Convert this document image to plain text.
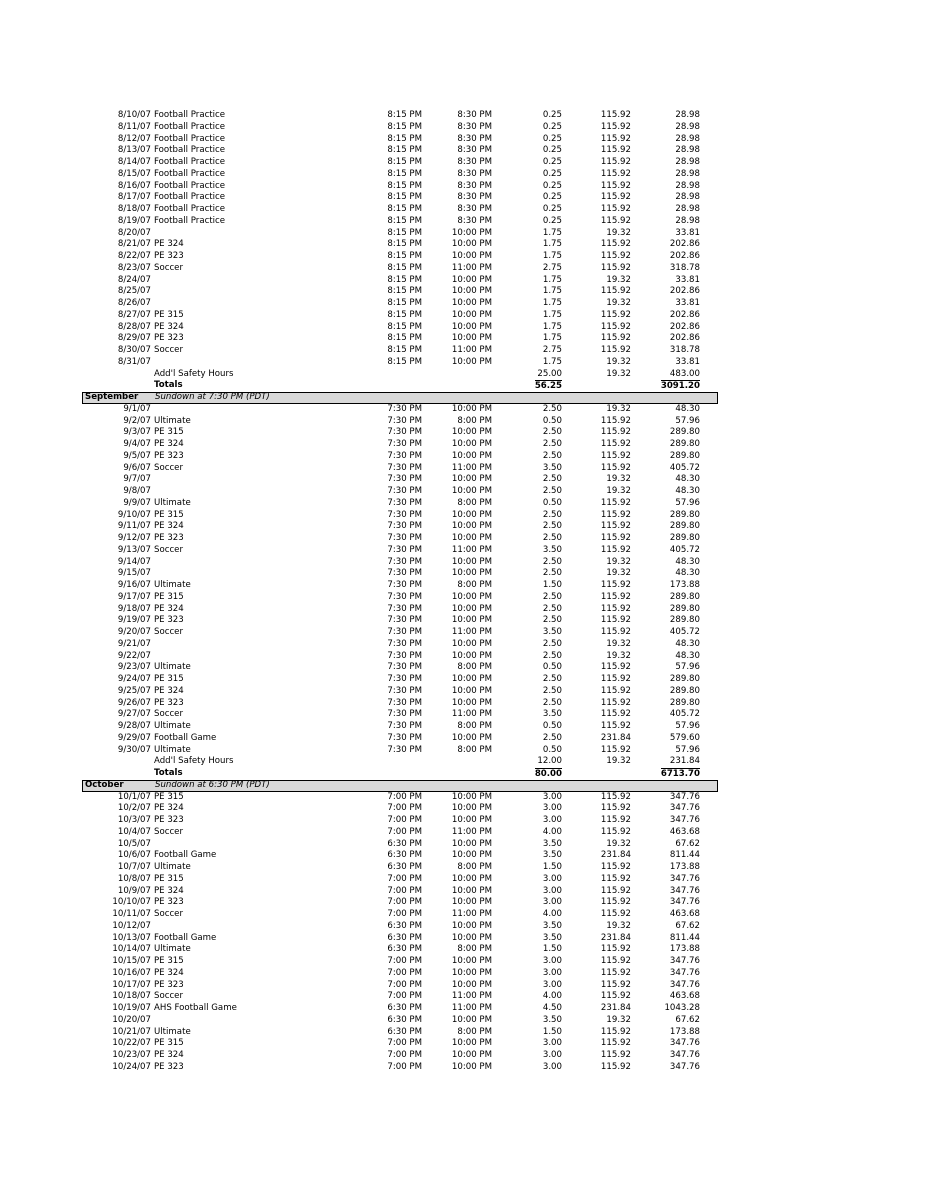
8/10/07 Football Practice	8:15 PM	8:30 PM	0.25	115.92	28.98
8/11/07 Football Practice	8:15 PM	8:30 PM	0.25	115.92	28.98
8/12/07 Football Practice	8:15 PM	8:30 PM	0.25	115.92	28.98
8/13/07 Football Practice	8:15 PM	8:30 PM	0.25	115.92	28.98
8/14/07 Football Practice	8:15 PM	8:30 PM	0.25	115.92	28.98
8/15/07 Football Practice	8:15 PM	8:30 PM	0.25	115.92	28.98
8/16/07 Football Practice	8:15 PM	8:30 PM	0.25	115.92	28.98
8/17/07 Football Practice	8:15 PM	8:30 PM	0.25	115.92	28.98
8/18/07 Football Practice	8:15 PM	8:30 PM	0.25	115.92	28.98
8/19/07 Football Practice	8:15 PM	8:30 PM	0.25	115.92	28.98
8/20/07	8:15 PM	10:00 PM	1.75	19.32	33.81
8/21/07 PE 324	8:15 PM	10:00 PM	1.75	115.92	202.86
8/22/07 PE 323	8:15 PM	10:00 PM	1.75	115.92	202.86
8/23/07 Soccer	8:15 PM	11:00 PM	2.75	115.92	318.78
8/24/07	8:15 PM	10:00 PM	1.75	19.32	33.81
8/25/07	8:15 PM	10:00 PM	1.75	115.92	202.86
8/26/07	8:15 PM	10:00 PM	1.75	19.32	33.81
8/27/07 PE 315	8:15 PM	10:00 PM	1.75	115.92	202.86
8/28/07 PE 324	8:15 PM	10:00 PM	1.75	115.92	202.86
8/29/07 PE 323	8:15 PM	10:00 PM	1.75	115.92	202.86
8/30/07 Soccer	8:15 PM	11:00 PM	2.75	115.92	318.78
8/31/07	8:15 PM	10:00 PM	1.75	19.32	33.81
Add'l Safety Hours	25.00	19.32	483.00
Totals	56.25	3091.20
September Sundown at 7:30 PM (PDT)
9/1/07	7:30 PM	10:00 PM	2.50	19.32	48.30
9/2/07 Ultimate	7:30 PM	8:00 PM	0.50	115.92	57.96
9/3/07 PE 315	7:30 PM	10:00 PM	2.50	115.92	289.80
9/4/07 PE 324	7:30 PM	10:00 PM	2.50	115.92	289.80
9/5/07 PE 323	7:30 PM	10:00 PM	2.50	115.92	289.80
9/6/07 Soccer	7:30 PM	11:00 PM	3.50	115.92	405.72
9/7/07	7:30 PM	10:00 PM	2.50	19.32	48.30
9/8/07	7:30 PM	10:00 PM	2.50	19.32	48.30
9/9/07 Ultimate	7:30 PM	8:00 PM	0.50	115.92	57.96
9/10/07 PE 315	7:30 PM	10:00 PM	2.50	115.92	289.80
9/11/07 PE 324	7:30 PM	10:00 PM	2.50	115.92	289.80
9/12/07 PE 323	7:30 PM	10:00 PM	2.50	115.92	289.80
9/13/07 Soccer	7:30 PM	11:00 PM	3.50	115.92	405.72
9/14/07	7:30 PM	10:00 PM	2.50	19.32	48.30
9/15/07	7:30 PM	10:00 PM	2.50	19.32	48.30
9/16/07 Ultimate	7:30 PM	8:00 PM	1.50	115.92	173.88
9/17/07 PE 315	7:30 PM	10:00 PM	2.50	115.92	289.80
9/18/07 PE 324	7:30 PM	10:00 PM	2.50	115.92	289.80
9/19/07 PE 323	7:30 PM	10:00 PM	2.50	115.92	289.80
9/20/07 Soccer	7:30 PM	11:00 PM	3.50	115.92	405.72
9/21/07	7:30 PM	10:00 PM	2.50	19.32	48.30
9/22/07	7:30 PM	10:00 PM	2.50	19.32	48.30
9/23/07 Ultimate	7:30 PM	8:00 PM	0.50	115.92	57.96
9/24/07 PE 315	7:30 PM	10:00 PM	2.50	115.92	289.80
9/25/07 PE 324	7:30 PM	10:00 PM	2.50	115.92	289.80
9/26/07 PE 323	7:30 PM	10:00 PM	2.50	115.92	289.80
9/27/07 Soccer	7:30 PM	11:00 PM	3.50	115.92	405.72
9/28/07 Ultimate	7:30 PM	8:00 PM	0.50	115.92	57.96
9/29/07 Football Game	7:30 PM	10:00 PM	2.50	231.84	579.60
9/30/07 Ultimate	7:30 PM	8:00 PM	0.50	115.92	57.96
Add'l Safety Hours	12.00	19.32	231.84
Totals	80.00	6713.70
October	Sundown at 6:30 PM (PDT)
10/1/07 PE 315	7:00 PM	10:00 PM	3.00	115.92	347.76
10/2/07 PE 324	7:00 PM	10:00 PM	3.00	115.92	347.76
10/3/07 PE 323	7:00 PM	10:00 PM	3.00	115.92	347.76
10/4/07 Soccer	7:00 PM	11:00 PM	4.00	115.92	463.68
10/5/07	6:30 PM	10:00 PM	3.50	19.32	67.62
10/6/07 Football Game	6:30 PM	10:00 PM	3.50	231.84	811.44
10/7/07 Ultimate	6:30 PM	8:00 PM	1.50	115.92	173.88
10/8/07 PE 315	7:00 PM	10:00 PM	3.00	115.92	347.76
10/9/07 PE 324	7:00 PM	10:00 PM	3.00	115.92	347.76
10/10/07 PE 323	7:00 PM	10:00 PM	3.00	115.92	347.76
10/11/07 Soccer	7:00 PM	11:00 PM	4.00	115.92	463.68
10/12/07	6:30 PM	10:00 PM	3.50	19.32	67.62
10/13/07 Football Game	6:30 PM	10:00 PM	3.50	231.84	811.44
10/14/07 Ultimate	6:30 PM	8:00 PM	1.50	115.92	173.88
10/15/07 PE 315	7:00 PM	10:00 PM	3.00	115.92	347.76
10/16/07 PE 324	7:00 PM	10:00 PM	3.00	115.92	347.76
10/17/07 PE 323	7:00 PM	10:00 PM	3.00	115.92	347.76
10/18/07 Soccer	7:00 PM	11:00 PM	4.00	115.92	463.68
10/19/07 AHS Football Game	6:30 PM	11:00 PM	4.50	231.84	1043.28
10/20/07	6:30 PM	10:00 PM	3.50	19.32	67.62
10/21/07 Ultimate	6:30 PM	8:00 PM	1.50	115.92	173.88
10/22/07 PE 315	7:00 PM	10:00 PM	3.00	115.92	347.76
10/23/07 PE 324	7:00 PM	10:00 PM	3.00	115.92	347.76
10/24/07 PE 323	7:00 PM	10:00 PM	3.00	115.92	347.76
